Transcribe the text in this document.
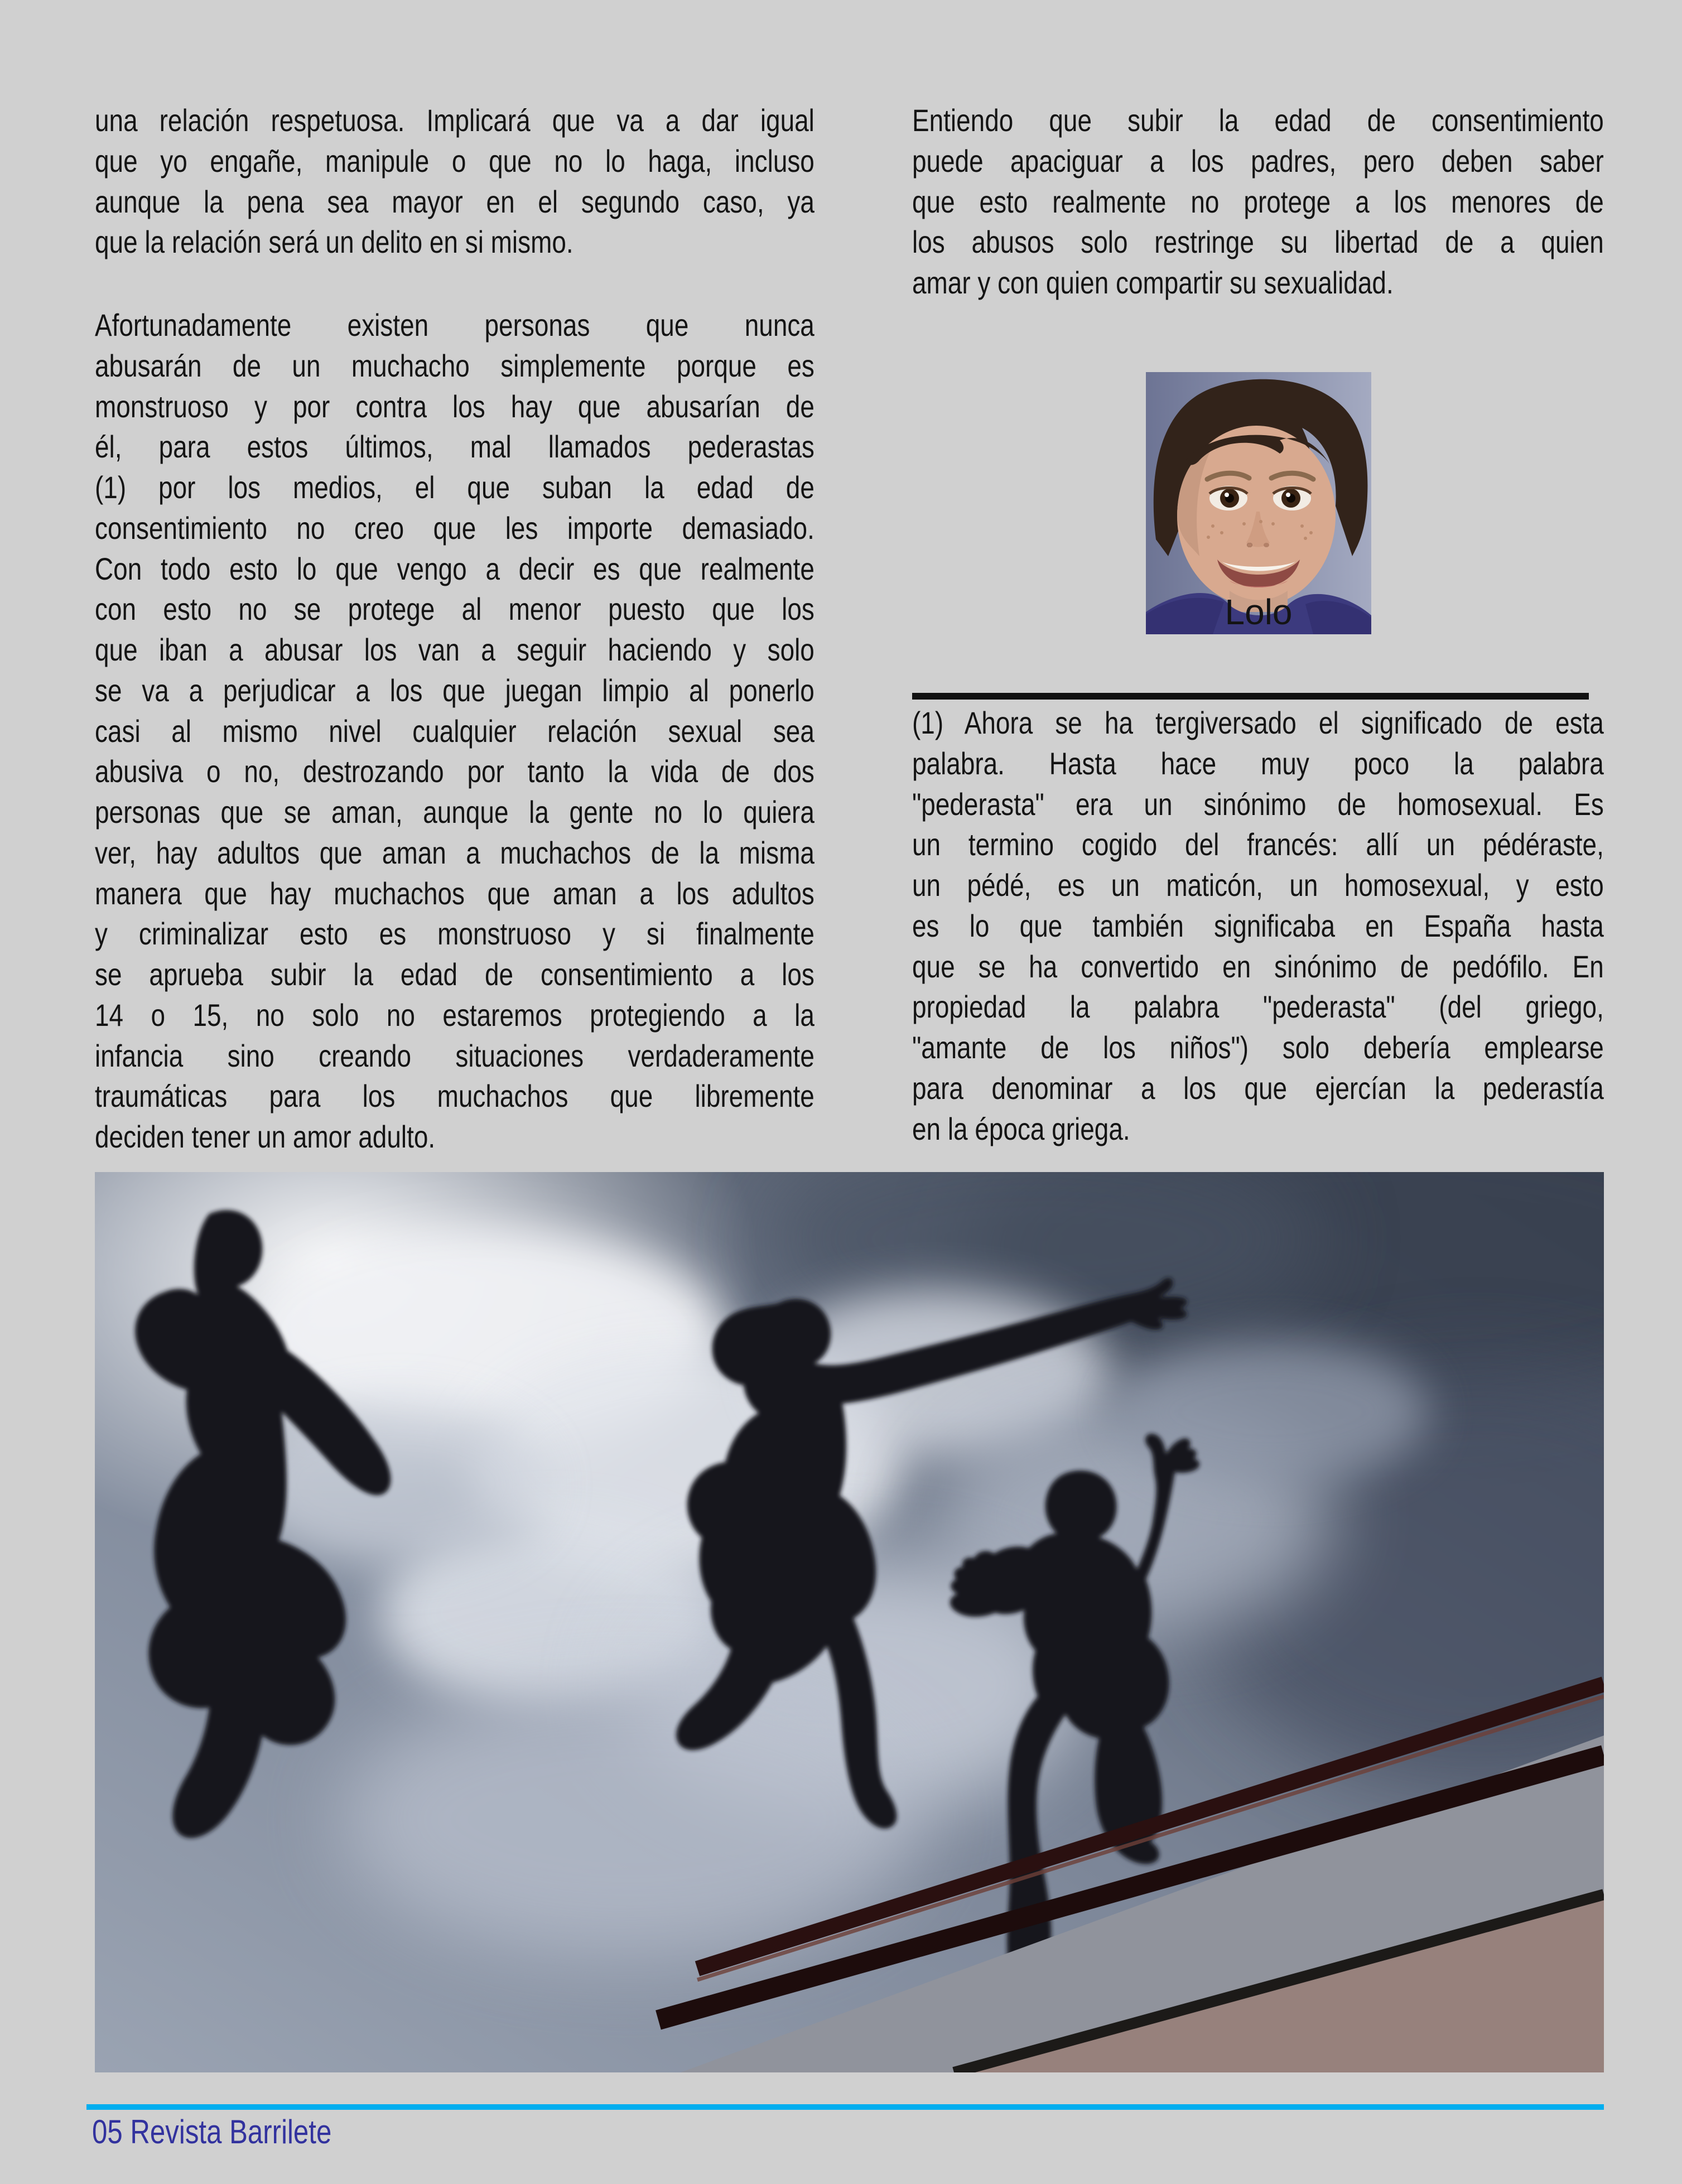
una relación respetuosa. Implicará que va a dar igual
que yo engañe, manipule o que no lo haga, incluso
aunque la pena sea mayor en el segundo caso, ya
que la relación será un delito en si mismo.
Afortunadamente existen personas que nunca
abusarán de un muchacho simplemente porque es
monstruoso y por contra los hay que abusarían de
él, para estos últimos, mal llamados pederastas
(1) por los medios, el que suban la edad de
consentimiento no creo que les importe demasiado.
Con todo esto lo que vengo a decir es que realmente
con esto no se protege al menor puesto que los
que iban a abusar los van a seguir haciendo y solo
se va a perjudicar a los que juegan limpio al ponerlo
casi al mismo nivel cualquier relación sexual sea
abusiva o no, destrozando por tanto la vida de dos
personas que se aman, aunque la gente no lo quiera
ver, hay adultos que aman a muchachos de la misma
manera que hay muchachos que aman a los adultos
y criminalizar esto es monstruoso y si finalmente
se aprueba subir la edad de consentimiento a los
14 o 15, no solo no estaremos protegiendo a la
infancia sino creando situaciones verdaderamente
traumáticas para los muchachos que libremente
deciden tener un amor adulto.
Entiendo que subir la edad de consentimiento
puede apaciguar a los padres, pero deben saber
que esto realmente no protege a los menores de
los abusos solo restringe su libertad de a quien
amar y con quien compartir su sexualidad.
(1) Ahora se ha tergiversado el significado de esta
palabra. Hasta hace muy poco la palabra
"pederasta" era un sinónimo de homosexual. Es
un termino cogido del francés: allí un pédéraste,
un pédé, es un maticón, un homosexual, y esto
es lo que también significaba en España hasta
que se ha convertido en sinónimo de pedófilo. En
propiedad la palabra "pederasta" (del griego,
"amante de los niños") solo debería emplearse
para denominar a los que ejercían la pederastía
en la época griega.
Lolo
05 Revista Barrilete
